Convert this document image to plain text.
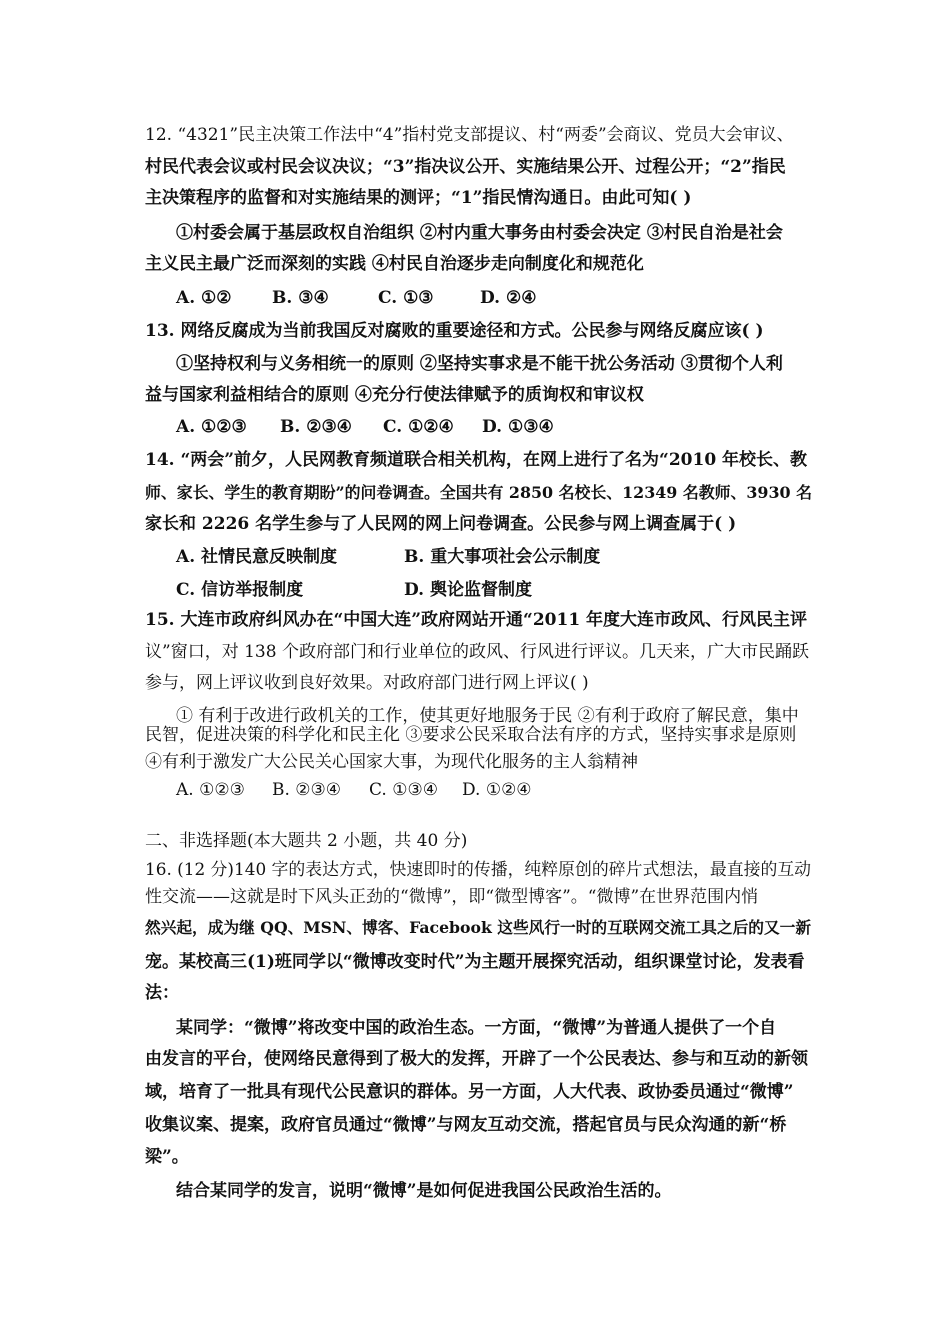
12. “4321”民主决策工作法中“4”指村党支部提议、村“两委”会商议、党员大会审议、
村民代表会议或村民会议决议；“3”指决议公开、实施结果公开、过程公开；“2”指民
主决策程序的监督和对实施结果的测评；“1”指民情沟通日。由此可知( )
①村委会属于基层政权自治组织 ②村内重大事务由村委会决定 ③村民自治是社会
主义民主最广泛而深刻的实践 ④村民自治逐步走向制度化和规范化
A. ①② B. ③④	C. ①③	D. ②④
13. 网络反腐成为当前我国反对腐败的重要途径和方式。公民参与网络反腐应该( )
①坚持权利与义务相统一的原则 ②坚持实事求是不能干扰公务活动 ③贯彻个人利
益与国家利益相结合的原则 ④充分行使法律赋予的质询权和审议权
A. ①②③ B. ②③④ C. ①②④ D. ①③④
14. “两会”前夕，人民网教育频道联合相关机构，在网上进行了名为“2010 年校长、教
师、家长、学生的教育期盼”的问卷调查。全国共有 2850 名校长、12349 名教师、3930 名
家长和 2226 名学生参与了人民网的网上问卷调查。公民参与网上调查属于( )
A. 社情民意反映制度	B. 重大事项社会公示制度
C. 信访举报制度	D. 舆论监督制度
15. 大连市政府纠风办在“中国大连”政府网站开通“2011 年度大连市政风、行风民主评
议”窗口，对 138 个政府部门和行业单位的政风、行风进行评议。几天来，广大市民踊跃
参与，网上评议收到良好效果。对政府部门进行网上评议( )
① 有利于改进行政机关的工作，使其更好地服务于民 ②有利于政府了解民意，集中
民智，促进决策的科学化和民主化 ③要求公民采取合法有序的方式，坚持实事求是原则
④有利于激发广大公民关心国家大事，为现代化服务的主人翁精神
A. ①②③ B. ②③④ C. ①③④ D. ①②④
二、非选择题(本大题共 2 小题，共 40 分)
16. (12 分)140 字的表达方式，快速即时的传播，纯粹原创的碎片式想法，最直接的互动
性交流——这就是时下风头正劲的“微博”，即“微型博客”。“微博”在世界范围内悄
然兴起，成为继 QQ、MSN、博客、Facebook 这些风行一时的互联网交流工具之后的又一新
宠。某校高三(1)班同学以“微博改变时代”为主题开展探究活动，组织课堂讨论，发表看
法：
某同学：“微博”将改变中国的政治生态。一方面，“微博”为普通人提供了一个自
由发言的平台，使网络民意得到了极大的发挥，开辟了一个公民表达、参与和互动的新领
域，培育了一批具有现代公民意识的群体。另一方面，人大代表、政协委员通过“微博”
收集议案、提案，政府官员通过“微博”与网友互动交流，搭起官员与民众沟通的新“桥
梁”。
结合某同学的发言，说明“微博”是如何促进我国公民政治生活的。
